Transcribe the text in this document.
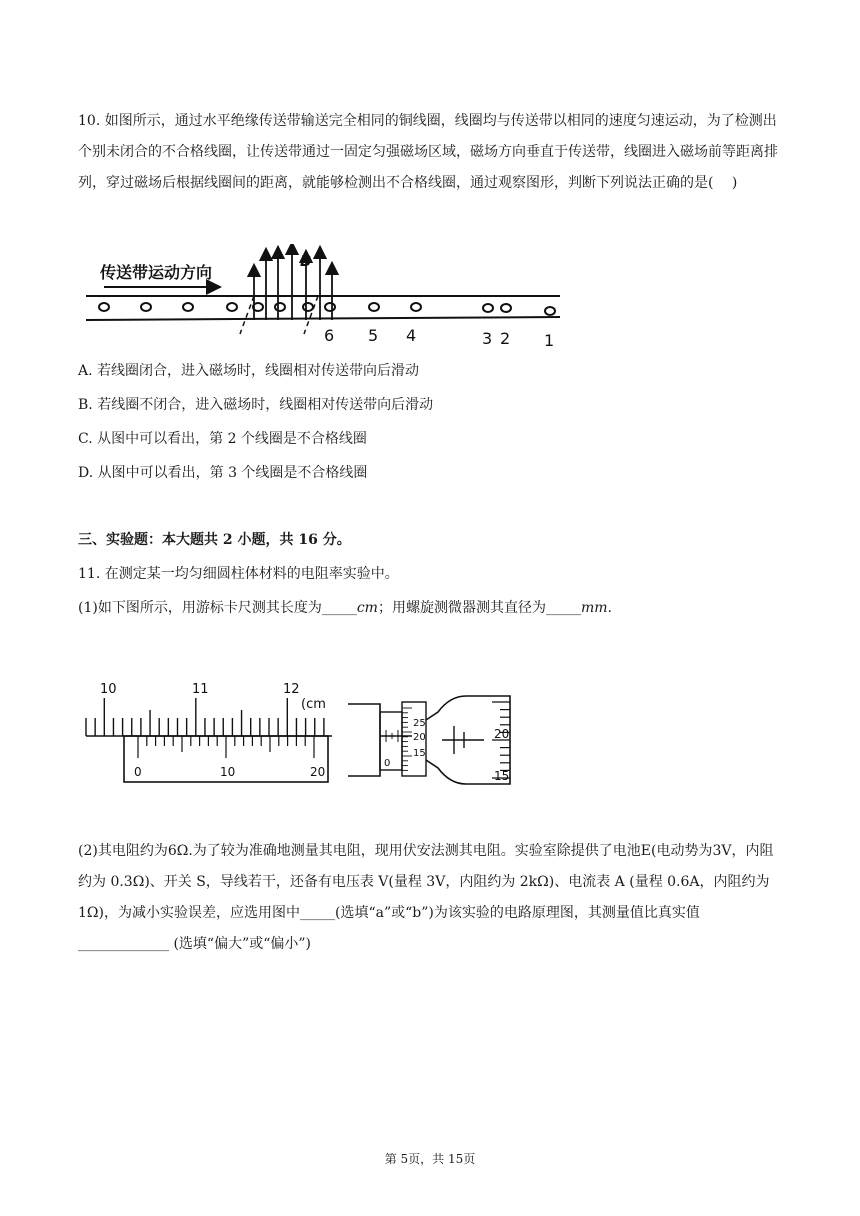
10. 如图所示，通过水平绝缘传送带输送完全相同的铜线圈，线圈均与传送带以相同的速度匀速运动，为了检测出个别未闭合的不合格线圈，让传送带通过一固定匀强磁场区域，磁场方向垂直于传送带，线圈进入磁场前等距离排列，穿过磁场后根据线圈间的距离，就能够检测出不合格线圈，通过观察图形，判断下列说法正确的是(　 )
传送带运动方向
B
6 5 4	3 2 1
A. 若线圈闭合，进入磁场时，线圈相对传送带向后滑动
B. 若线圈不闭合，进入磁场时，线圈相对传送带向后滑动
C. 从图中可以看出，第 2 个线圈是不合格线圈
D. 从图中可以看出，第 3 个线圈是不合格线圈
三、实验题：本大题共 2 小题，共 16 分。
11. 在测定某一均匀细圆柱体材料的电阻率实验中。
(1)如下图所示，用游标卡尺测其长度为_____cm；用螺旋测微器测其直径为_____mm.
10	11	12
(cm
0	10	20
0
25
20
15
20
15
(2)其电阻约为6Ω.为了较为准确地测量其电阻，现用伏安法测其电阻。实验室除提供了电池E(电动势为3V，内阻约为 0.3Ω)、开关 S，导线若干，还备有电压表 V(量程 3V，内阻约为 2kΩ)、电流表 A (量程 0.6A，内阻约为 1Ω)，为减小实验误差，应选用图中_____(选填“a”或“b”)为该实验的电路原理图，其测量值比真实值_____________ (选填“偏大”或“偏小”)
第 5页，共 15页
